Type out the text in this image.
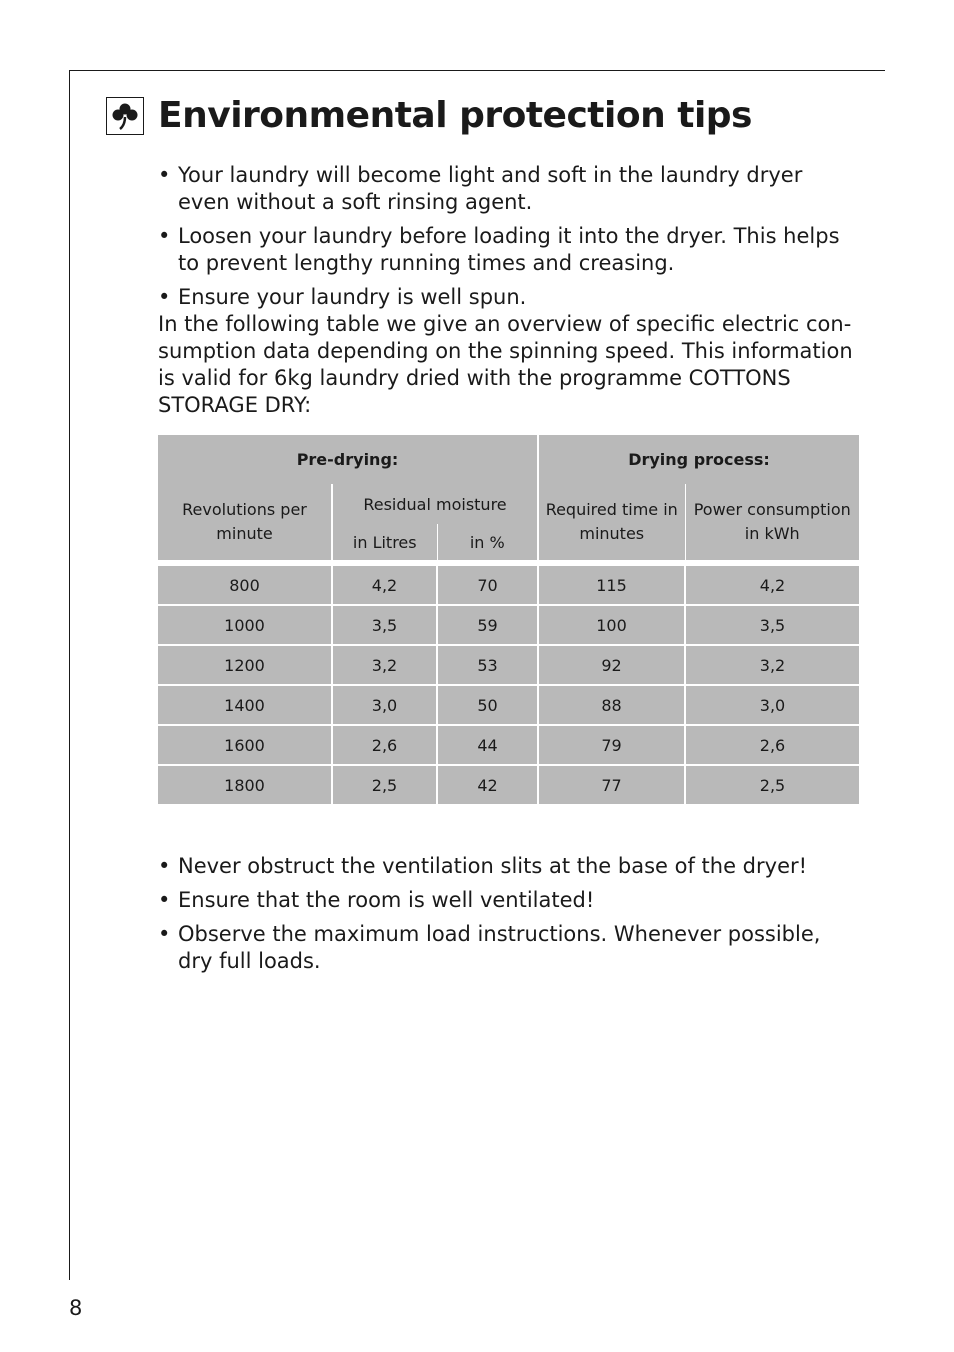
Environmental protection tips

• Your laundry will become light and soft in the laundry dryer even without a soft rinsing agent.

• Loosen your laundry before loading it into the dryer. This helps to prevent lengthy running times and creasing.

• Ensure your laundry is well spun.

In the following table we give an overview of specific electric con-sumption data depending on the spinning speed. This information is valid for 6kg laundry dried with the programme COTTONS STORAGE DRY:

Pre-drying:			Drying process:	
Revolutions per minute	Residual moisture		Required time in minutes	Power consumption in kWh
	in Litres	in %		

800	4,2	70	115	4,2
1000	3,5	59	100	3,5
1200	3,2	53	92	3,2
1400	3,0	50	88	3,0
1600	2,6	44	79	2,6
1800	2,5	42	77	2,5

• Never obstruct the ventilation slits at the base of the dryer!

• Ensure that the room is well ventilated!

• Observe the maximum load instructions. Whenever possible, dry full loads.

8
